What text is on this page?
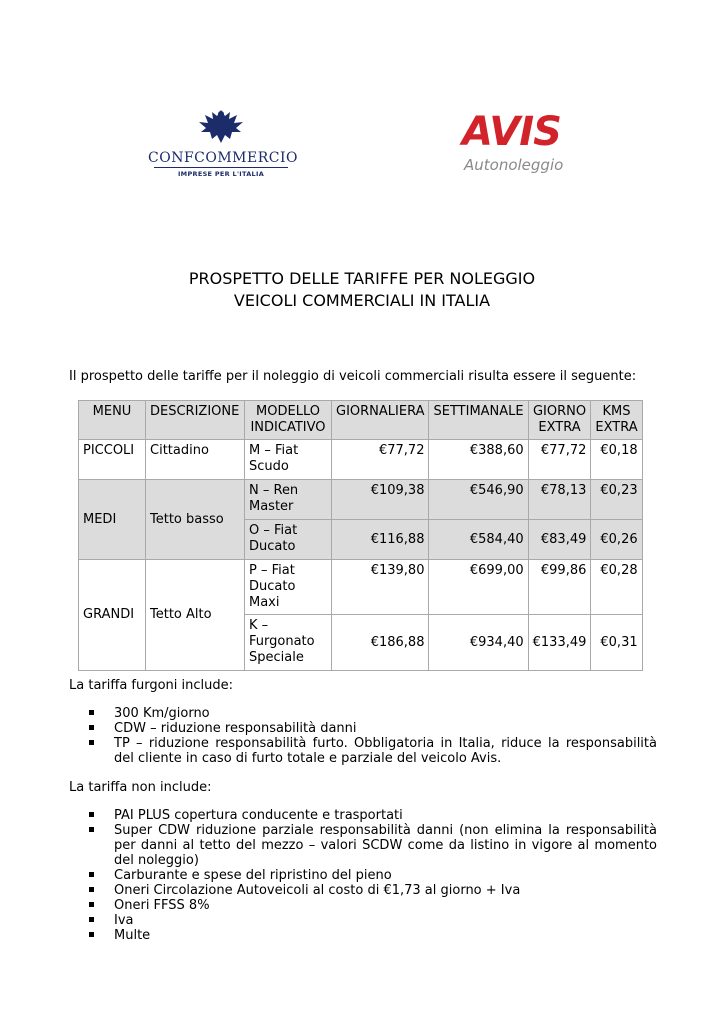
CONFCOMMERCIO
IMPRESE PER L'ITALIA
AVIS
Autonoleggio
PROSPETTO DELLE TARIFFE PER NOLEGGIO
VEICOLI COMMERCIALI IN ITALIA
Il prospetto delle tariffe per il noleggio di veicoli commerciali risulta essere il seguente:
MENU	DESCRIZIONE	MODELLO INDICATIVO	GIORNALIERA	SETTIMANALE	GIORNO EXTRA	KMS EXTRA
PICCOLI	Cittadino	M – Fiat Scudo	€77,72	€388,60	€77,72	€0,18
MEDI	Tetto basso	N – Ren Master	€109,38	€546,90	€78,13	€0,23
		O – Fiat Ducato	€116,88	€584,40	€83,49	€0,26
GRANDI	Tetto Alto	P – Fiat Ducato Maxi	€139,80	€699,00	€99,86	€0,28
		K – Furgonato Speciale	€186,88	€934,40	€133,49	€0,31
La tariffa furgoni include:
300 Km/giorno
CDW – riduzione responsabilità danni
TP – riduzione responsabilità furto. Obbligatoria in Italia, riduce la responsabilità del cliente in caso di furto totale e parziale del veicolo Avis.
La tariffa non include:
PAI PLUS copertura conducente e trasportati
Super CDW riduzione parziale responsabilità danni (non elimina la responsabilità per danni al tetto del mezzo – valori SCDW come da listino in vigore al momento del noleggio)
Carburante e spese del ripristino del pieno
Oneri Circolazione Autoveicoli al costo di €1,73 al giorno + Iva
Oneri FFSS 8%
Iva
Multe
